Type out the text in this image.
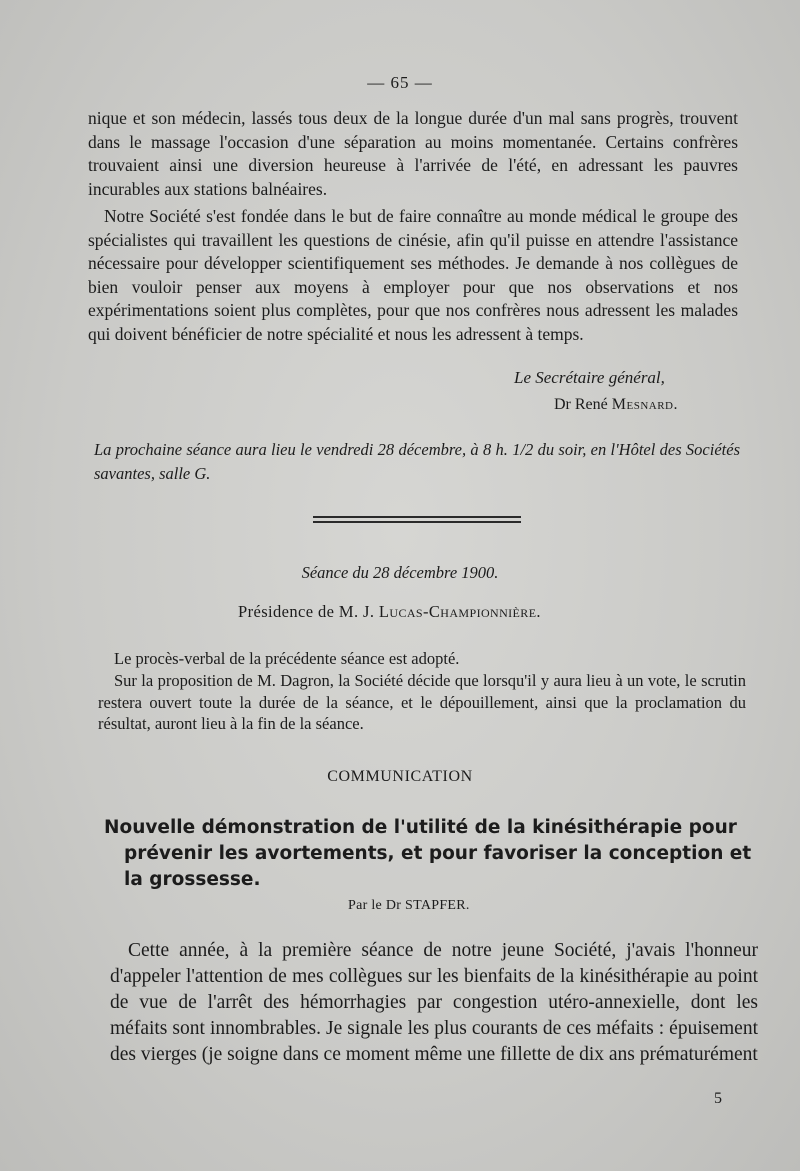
— 65 —

nique et son médecin, lassés tous deux de la longue durée d'un mal sans progrès, trouvent dans le massage l'occasion d'une séparation au moins momentanée. Certains confrères trouvaient ainsi une diversion heureuse à l'arrivée de l'été, en adressant les pauvres incurables aux stations balnéaires.

Notre Société s'est fondée dans le but de faire connaître au monde médical le groupe des spécialistes qui travaillent les questions de cinésie, afin qu'il puisse en attendre l'assistance nécessaire pour développer scientifiquement ses méthodes. Je demande à nos collègues de bien vouloir penser aux moyens à employer pour que nos observations et nos expérimentations soient plus complètes, pour que nos confrères nous adressent les malades qui doivent bénéficier de notre spécialité et nous les adressent à temps.

Le Secrétaire général,
Dr René Mesnard.
La prochaine séance aura lieu le vendredi 28 décembre, à 8 h. 1/2 du soir, en l'Hôtel des Sociétés savantes, salle G.
Séance du 28 décembre 1900.
Présidence de M. J. Lucas-Championnière.

Le procès-verbal de la précédente séance est adopté.

Sur la proposition de M. Dagron, la Société décide que lorsqu'il y aura lieu à un vote, le scrutin restera ouvert toute la durée de la séance, et le dépouillement, ainsi que la proclamation du résultat, auront lieu à la fin de la séance.

COMMUNICATION
Nouvelle démonstration de l'utilité de la kinésithérapie pour
prévenir les avortements, et pour favoriser la conception et la grossesse.
Par le Dr STAPFER.

Cette année, à la première séance de notre jeune Société, j'avais l'honneur d'appeler l'attention de mes collègues sur les bienfaits de la kinésithérapie au point de vue de l'arrêt des hémorrhagies par congestion utéro-annexielle, dont les méfaits sont innombrables. Je signale les plus courants de ces méfaits : épuisement des vierges (je soigne dans ce moment même une fillette de dix ans prématurément

5
